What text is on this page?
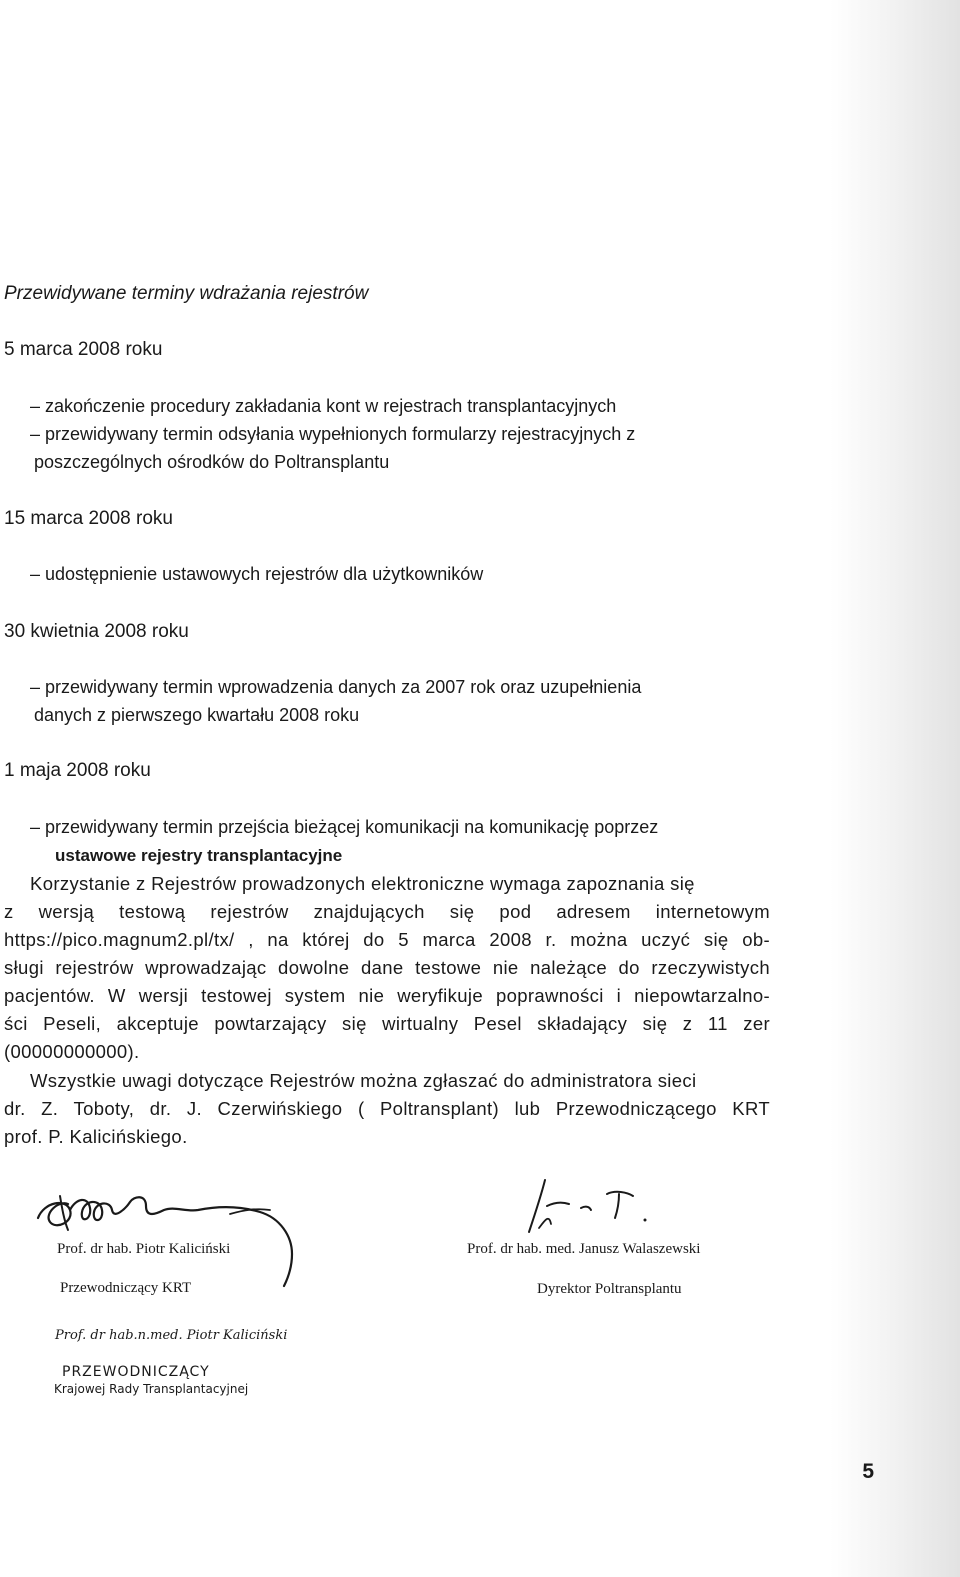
Przewidywane terminy wdrażania rejestrów

5 marca 2008 roku

– zakończenie procedury zakładania kont w rejestrach transplantacyjnych

– przewidywany termin odsyłania wypełnionych formularzy rejestracyjnych z

poszczególnych ośrodków do Poltransplantu

15 marca 2008 roku

– udostępnienie ustawowych rejestrów dla użytkowników

30 kwietnia 2008 roku

– przewidywany termin wprowadzenia danych za 2007 rok oraz uzupełnienia

danych z pierwszego kwartału 2008 roku

1 maja 2008 roku

– przewidywany termin przejścia bieżącej komunikacji na komunikację poprzez

ustawowe rejestry transplantacyjne

Korzystanie z Rejestrów prowadzonych elektroniczne wymaga zapoznania się

z wersją testową rejestrów znajdujących się pod adresem internetowym

https://pico.magnum2.pl/tx/ , na której do 5 marca 2008 r. można uczyć się ob-

sługi rejestrów wprowadzając dowolne dane testowe nie należące do rzeczywistych

pacjentów. W wersji testowej system nie weryfikuje poprawności i niepowtarzalno-

ści Peseli, akceptuje powtarzający się wirtualny Pesel składający się z 11 zer

(00000000000).

Wszystkie uwagi dotyczące Rejestrów można zgłaszać do administratora sieci

dr. Z. Toboty, dr. J. Czerwińskiego ( Poltransplant) lub Przewodniczącego KRT

prof. P. Kalicińskiego.

Prof. dr hab. Piotr Kaliciński
Przewodniczący KRT
Prof. dr hab.n.med. Piotr Kaliciński
PRZEWODNICZĄCY
Krajowej Rady Transplantacyjnej
Prof. dr hab. med. Janusz Walaszewski
Dyrektor Poltransplantu
5
